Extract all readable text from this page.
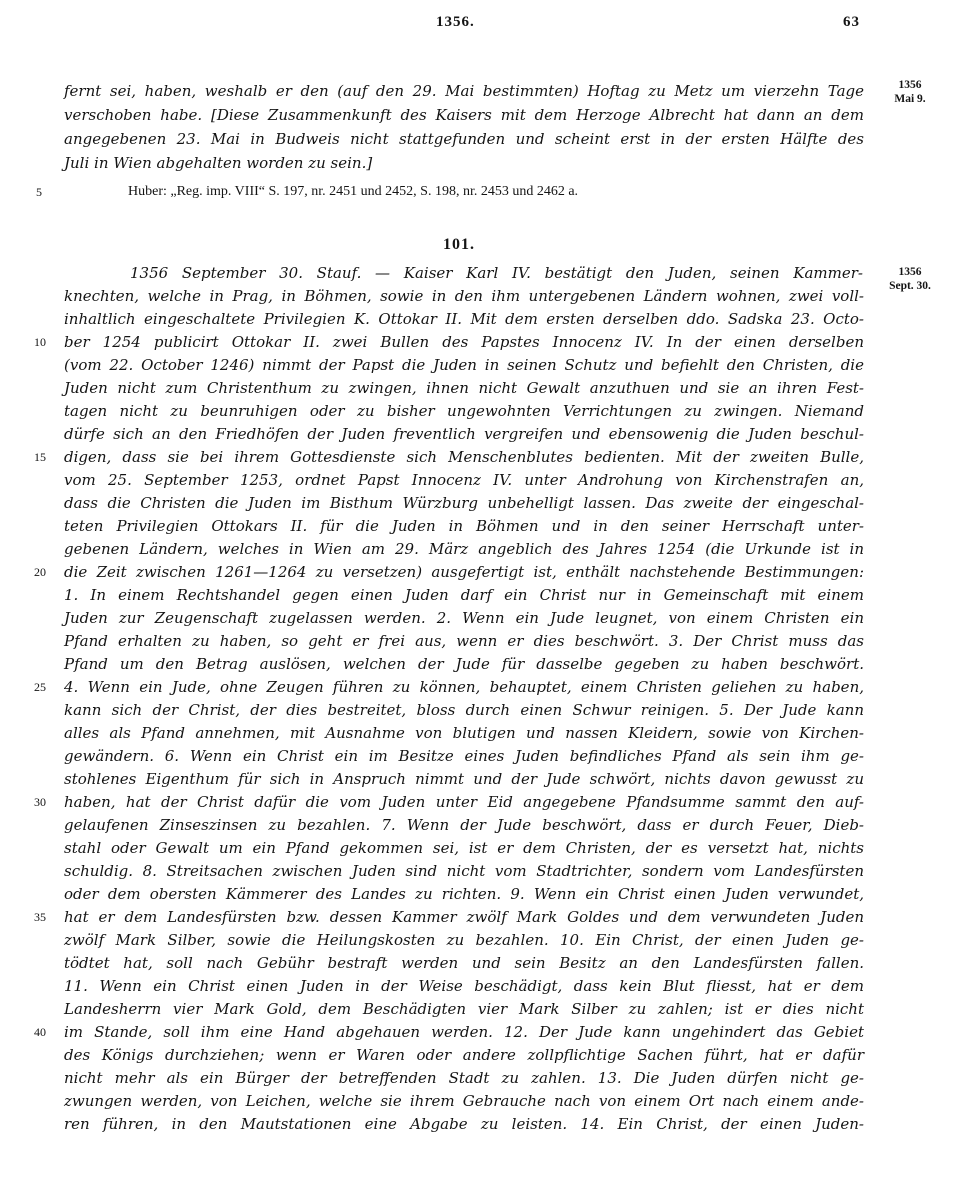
1356.	63
1356
Mai 9.
1356
Sept. 30.
fernt sei, haben, weshalb er den (auf den 29. Mai bestimmten) Hoftag zu Metz um vierzehn Tage
verschoben habe. [Diese Zusammenkunft des Kaisers mit dem Herzoge Albrecht hat dann an dem
angegebenen 23. Mai in Budweis nicht stattgefunden und scheint erst in der ersten Hälfte des
Juli in Wien abgehalten worden zu sein.]
5	Huber: „Reg. imp. VIII“ S. 197, nr. 2451 und 2452, S. 198, nr. 2453 und 2462 a.
101.
1356 September 30. Stauf. — Kaiser Karl IV. bestätigt den Juden, seinen Kammer-
knechten, welche in Prag, in Böhmen, sowie in den ihm untergebenen Ländern wohnen, zwei voll-
inhaltlich eingeschaltete Privilegien K. Ottokar II. Mit dem ersten derselben ddo. Sadska 23. Octo-
ber 1254 publicirt Ottokar II. zwei Bullen des Papstes Innocenz IV. In der einen derselben
(vom 22. October 1246) nimmt der Papst die Juden in seinen Schutz und befiehlt den Christen, die
Juden nicht zum Christenthum zu zwingen, ihnen nicht Gewalt anzuthuen und sie an ihren Fest-
tagen nicht zu beunruhigen oder zu bisher ungewohnten Verrichtungen zu zwingen. Niemand
dürfe sich an den Friedhöfen der Juden freventlich vergreifen und ebensowenig die Juden beschul-
digen, dass sie bei ihrem Gottesdienste sich Menschenblutes bedienten. Mit der zweiten Bulle,
vom 25. September 1253, ordnet Papst Innocenz IV. unter Androhung von Kirchenstrafen an,
dass die Christen die Juden im Bisthum Würzburg unbehelligt lassen. Das zweite der eingeschal-
teten Privilegien Ottokars II. für die Juden in Böhmen und in den seiner Herrschaft unter-
gebenen Ländern, welches in Wien am 29. März angeblich des Jahres 1254 (die Urkunde ist in
die Zeit zwischen 1261—1264 zu versetzen) ausgefertigt ist, enthält nachstehende Bestimmungen:
1. In einem Rechtshandel gegen einen Juden darf ein Christ nur in Gemeinschaft mit einem
Juden zur Zeugenschaft zugelassen werden. 2. Wenn ein Jude leugnet, von einem Christen ein
Pfand erhalten zu haben, so geht er frei aus, wenn er dies beschwört. 3. Der Christ muss das
Pfand um den Betrag auslösen, welchen der Jude für dasselbe gegeben zu haben beschwört.
4. Wenn ein Jude, ohne Zeugen führen zu können, behauptet, einem Christen geliehen zu haben,
kann sich der Christ, der dies bestreitet, bloss durch einen Schwur reinigen. 5. Der Jude kann
alles als Pfand annehmen, mit Ausnahme von blutigen und nassen Kleidern, sowie von Kirchen-
gewändern. 6. Wenn ein Christ ein im Besitze eines Juden befindliches Pfand als sein ihm ge-
stohlenes Eigenthum für sich in Anspruch nimmt und der Jude schwört, nichts davon gewusst zu
haben, hat der Christ dafür die vom Juden unter Eid angegebene Pfandsumme sammt den auf-
gelaufenen Zinseszinsen zu bezahlen. 7. Wenn der Jude beschwört, dass er durch Feuer, Dieb-
stahl oder Gewalt um ein Pfand gekommen sei, ist er dem Christen, der es versetzt hat, nichts
schuldig. 8. Streitsachen zwischen Juden sind nicht vom Stadtrichter, sondern vom Landesfürsten
oder dem obersten Kämmerer des Landes zu richten. 9. Wenn ein Christ einen Juden verwundet,
hat er dem Landesfürsten bzw. dessen Kammer zwölf Mark Goldes und dem verwundeten Juden
zwölf Mark Silber, sowie die Heilungskosten zu bezahlen. 10. Ein Christ, der einen Juden ge-
tödtet hat, soll nach Gebühr bestraft werden und sein Besitz an den Landesfürsten fallen.
11. Wenn ein Christ einen Juden in der Weise beschädigt, dass kein Blut fliesst, hat er dem
Landesherrn vier Mark Gold, dem Beschädigten vier Mark Silber zu zahlen; ist er dies nicht
im Stande, soll ihm eine Hand abgehauen werden. 12. Der Jude kann ungehindert das Gebiet
des Königs durchziehen; wenn er Waren oder andere zollpflichtige Sachen führt, hat er dafür
nicht mehr als ein Bürger der betreffenden Stadt zu zahlen. 13. Die Juden dürfen nicht ge-
zwungen werden, von Leichen, welche sie ihrem Gebrauche nach von einem Ort nach einem ande-
ren führen, in den Mautstationen eine Abgabe zu leisten. 14. Ein Christ, der einen Juden-
10
15
20
25
30
35
40
